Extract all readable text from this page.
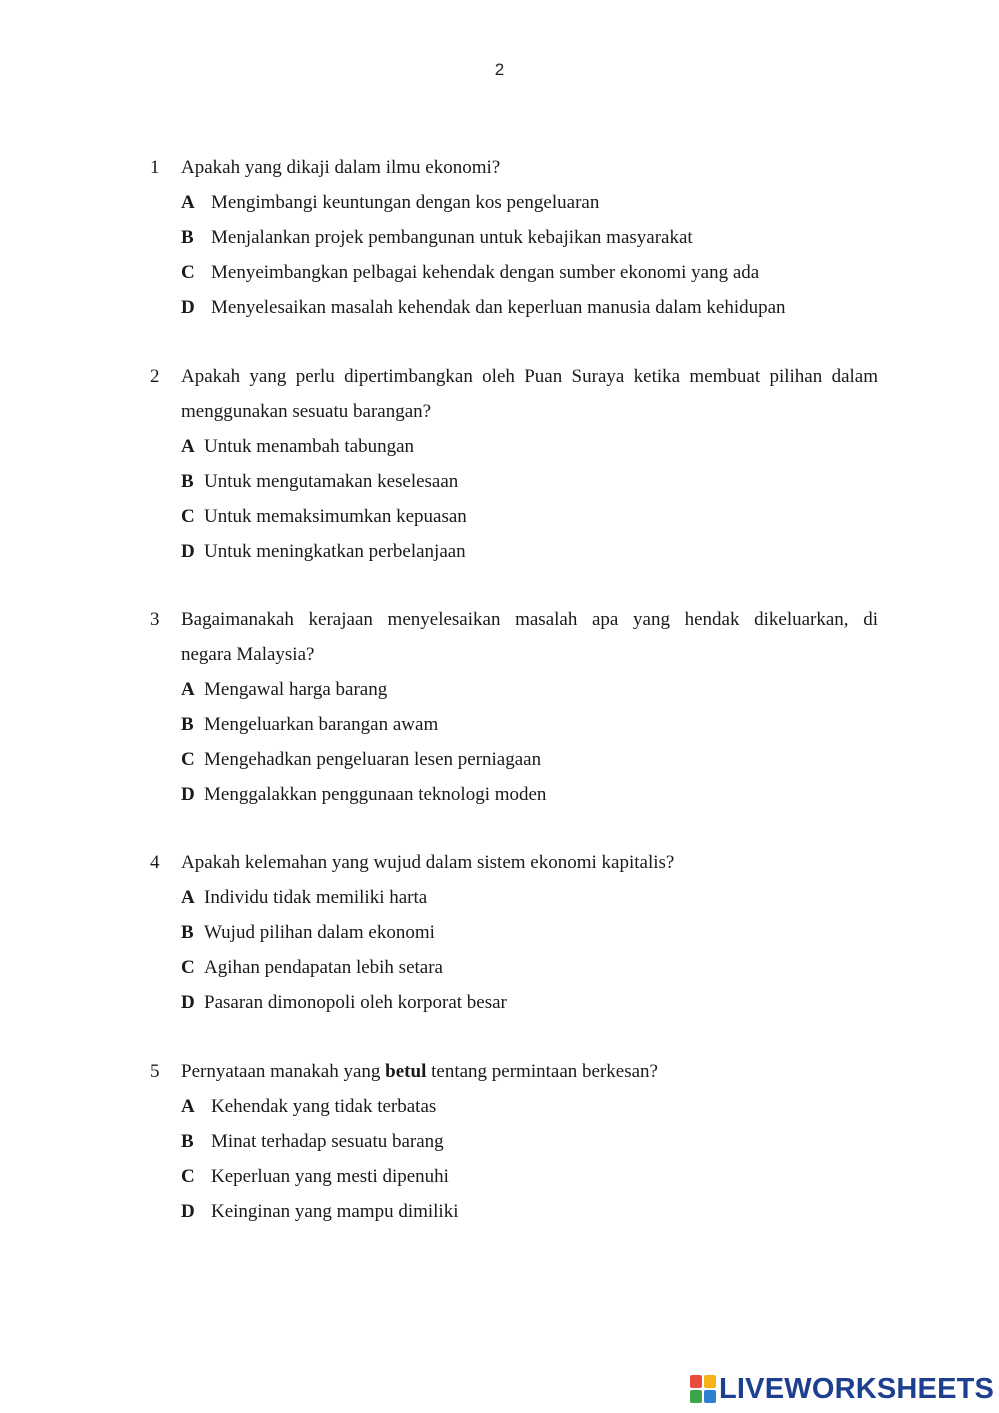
2
1	Apakah yang dikaji dalam ilmu ekonomi?
A Mengimbangi keuntungan dengan kos pengeluaran
B Menjalankan projek pembangunan untuk kebajikan masyarakat
C Menyeimbangkan pelbagai kehendak dengan sumber ekonomi yang ada
D Menyelesaikan masalah kehendak dan keperluan manusia dalam kehidupan
2	Apakah yang perlu dipertimbangkan oleh Puan Suraya ketika membuat pilihan dalam
menggunakan sesuatu barangan?
A Untuk menambah tabungan
B Untuk mengutamakan keselesaan
C Untuk memaksimumkan kepuasan
D Untuk meningkatkan perbelanjaan
3	Bagaimanakah kerajaan menyelesaikan masalah apa yang hendak dikeluarkan, di
negara Malaysia?
A Mengawal harga barang
B Mengeluarkan barangan awam
C Mengehadkan pengeluaran lesen perniagaan
D Menggalakkan penggunaan teknologi moden
4	Apakah kelemahan yang wujud dalam sistem ekonomi kapitalis?
A Individu tidak memiliki harta
B Wujud pilihan dalam ekonomi
C Agihan pendapatan lebih setara
D Pasaran dimonopoli oleh korporat besar
5	Pernyataan manakah yang betul tentang permintaan berkesan?
A Kehendak yang tidak terbatas
B Minat terhadap sesuatu barang
C Keperluan yang mesti dipenuhi
D Keinginan yang mampu dimiliki
LIVEWORKSHEETS
